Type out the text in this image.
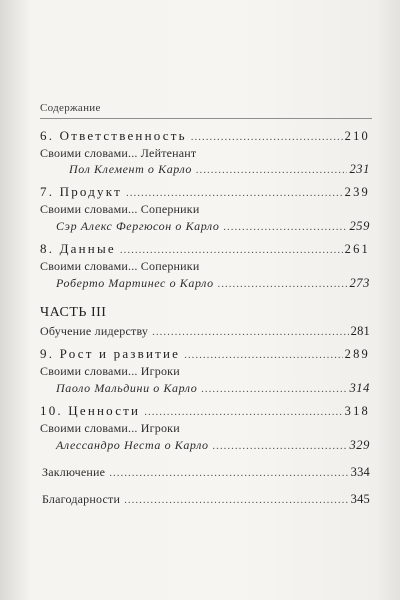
Содержание
6. Ответственность .....	210
Своими словами... Лейтенант
Пол Клемент о Карло .....	231
7. Продукт .....	239
Своими словами... Соперники
Сэр Алекс Фергюсон о Карло .....	259
8. Данные .....	261
Своими словами... Соперники
Роберто Мартинес о Карло .....	273
ЧАСТЬ III
Обучение лидерству .....	281
9. Рост и развитие .....	289
Своими словами... Игроки
Паоло Мальдини о Карло .....	314
10. Ценности .....	318
Своими словами... Игроки
Алессандро Неста о Карло .....	329
Заключение .....	334
Благодарности .....	345
